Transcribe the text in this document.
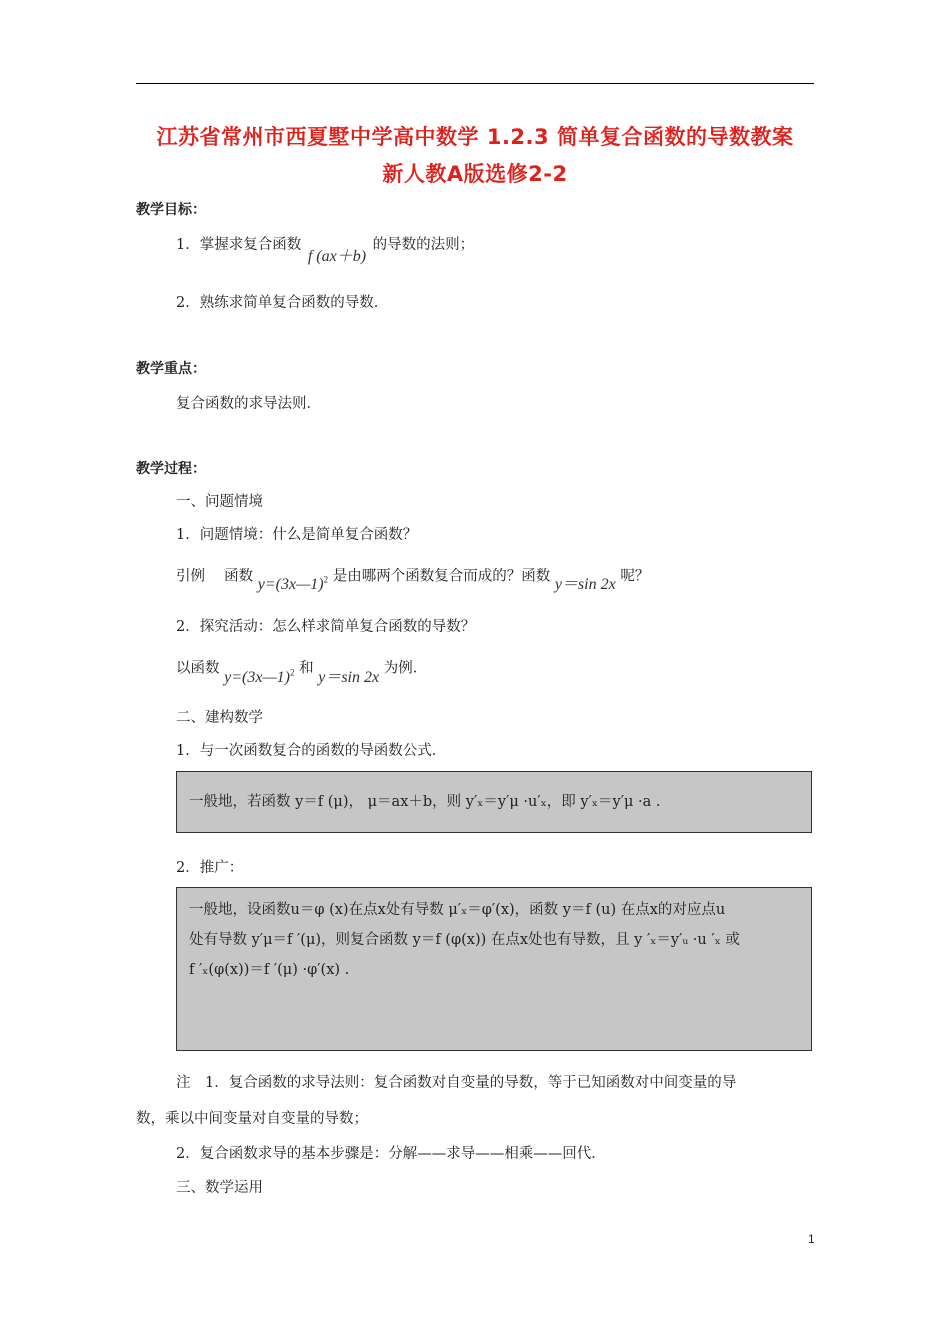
江苏省常州市西夏墅中学高中数学 1.2.3 简单复合函数的导数教案
新人教A版选修2-2
教学目标：
1．掌握求复合函数 f (ax＋b) 的导数的法则；
2．熟练求简单复合函数的导数．
教学重点：
复合函数的求导法则．
教学过程：
一、问题情境
1．问题情境：什么是简单复合函数？
引例　 函数 y=(3x—1)$^2$ 是由哪两个函数复合而成的？函数 y＝sin 2x 呢？
2．探究活动：怎么样求简单复合函数的导数？
以函数 y=(3x—1)$^2$ 和 y＝sin 2x 为例．
二、建构数学
1．与一次函数复合的函数的导函数公式．
一般地，若函数 y＝f (μ)， μ＝ax＋b，则 y′ₓ＝y′μ ·u′ₓ，即 y′ₓ＝y′μ ·a .
2．推广：
一般地，设函数u＝φ (x)在点x处有导数 μ′ₓ＝φ′(x)，函数 y＝f (u) 在点x的对应点u
处有导数 y′μ＝f ′(μ)，则复合函数 y＝f (φ(x)) 在点x处也有导数，且 y ′ₓ＝y′ᵤ ·u ′ₓ 或
f ′ₓ(φ(x))＝f ′(μ) ·φ′(x) .
注　1．复合函数的求导法则：复合函数对自变量的导数，等于已知函数对中间变量的导
数，乘以中间变量对自变量的导数；
2．复合函数求导的基本步骤是：分解——求导——相乘——回代．
三、数学运用
1
